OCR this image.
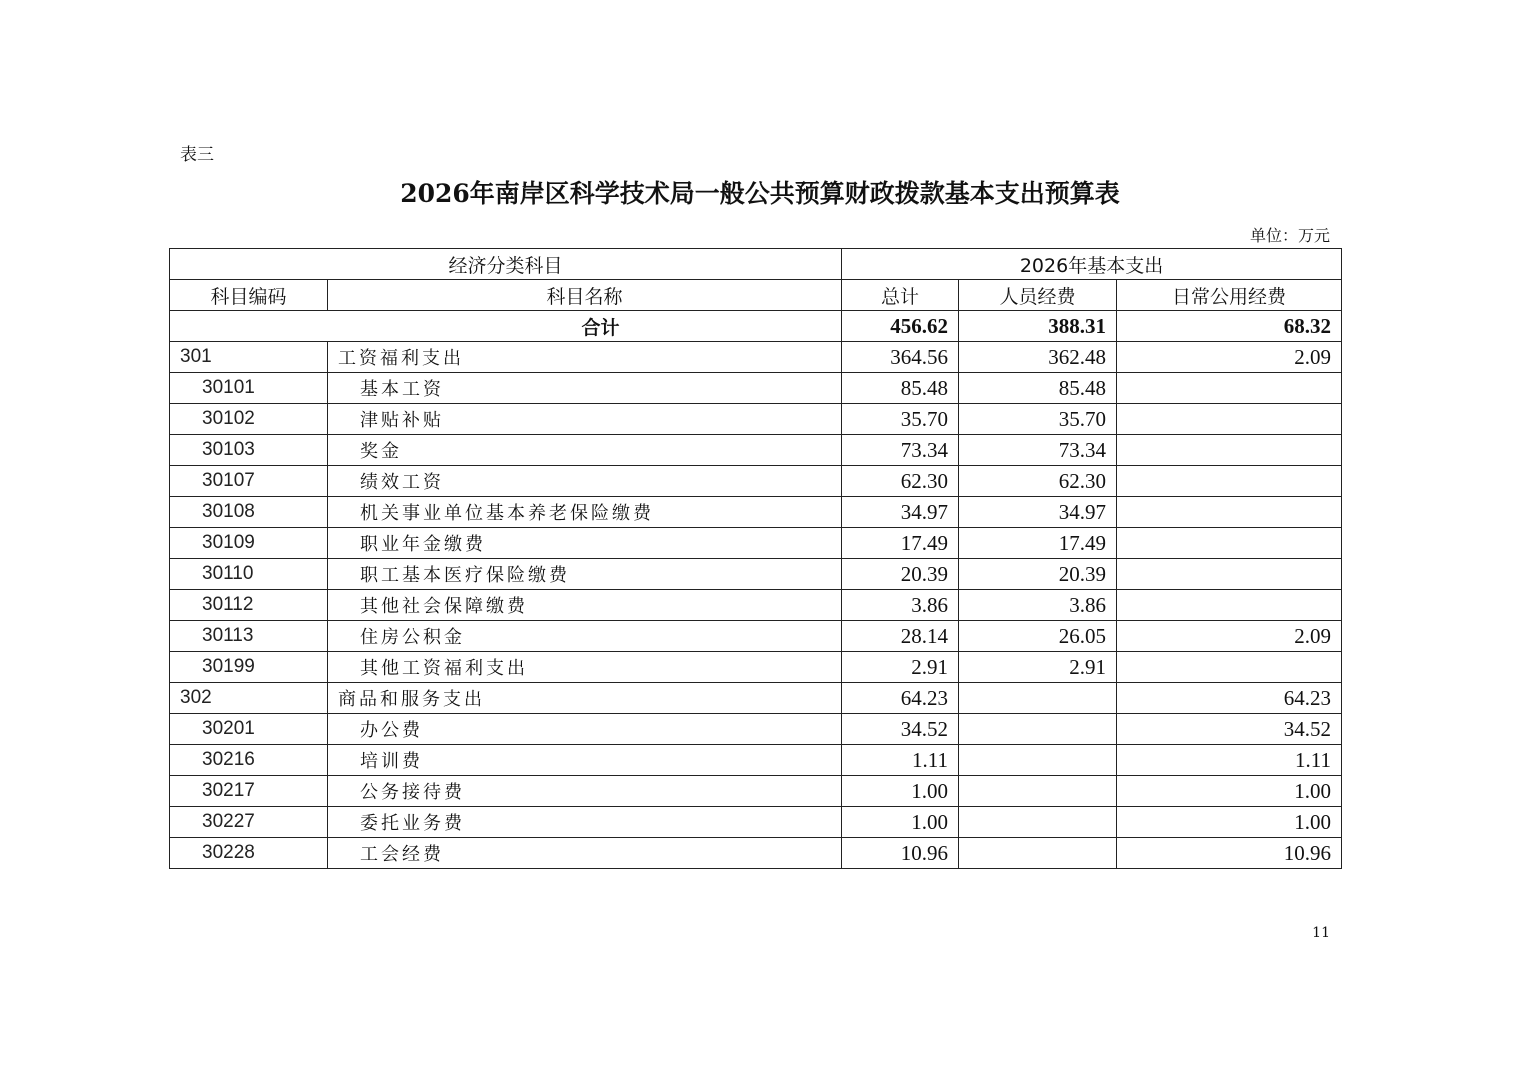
表三
2026年南岸区科学技术局一般公共预算财政拨款基本支出预算表
单位：万元
经济分类科目		2026年基本支出		
科目编码	科目名称	总计	人员经费	日常公用经费
合计		456.62	388.31	68.32
301	工资福利支出	364.56	362.48	2.09
30101	基本工资	85.48	85.48	
30102	津贴补贴	35.70	35.70	
30103	奖金	73.34	73.34	
30107	绩效工资	62.30	62.30	
30108	机关事业单位基本养老保险缴费	34.97	34.97	
30109	职业年金缴费	17.49	17.49	
30110	职工基本医疗保险缴费	20.39	20.39	
30112	其他社会保障缴费	3.86	3.86	
30113	住房公积金	28.14	26.05	2.09
30199	其他工资福利支出	2.91	2.91	
302	商品和服务支出	64.23		64.23
30201	办公费	34.52		34.52
30216	培训费	1.11		1.11
30217	公务接待费	1.00		1.00
30227	委托业务费	1.00		1.00
30228	工会经费	10.96		10.96
11
